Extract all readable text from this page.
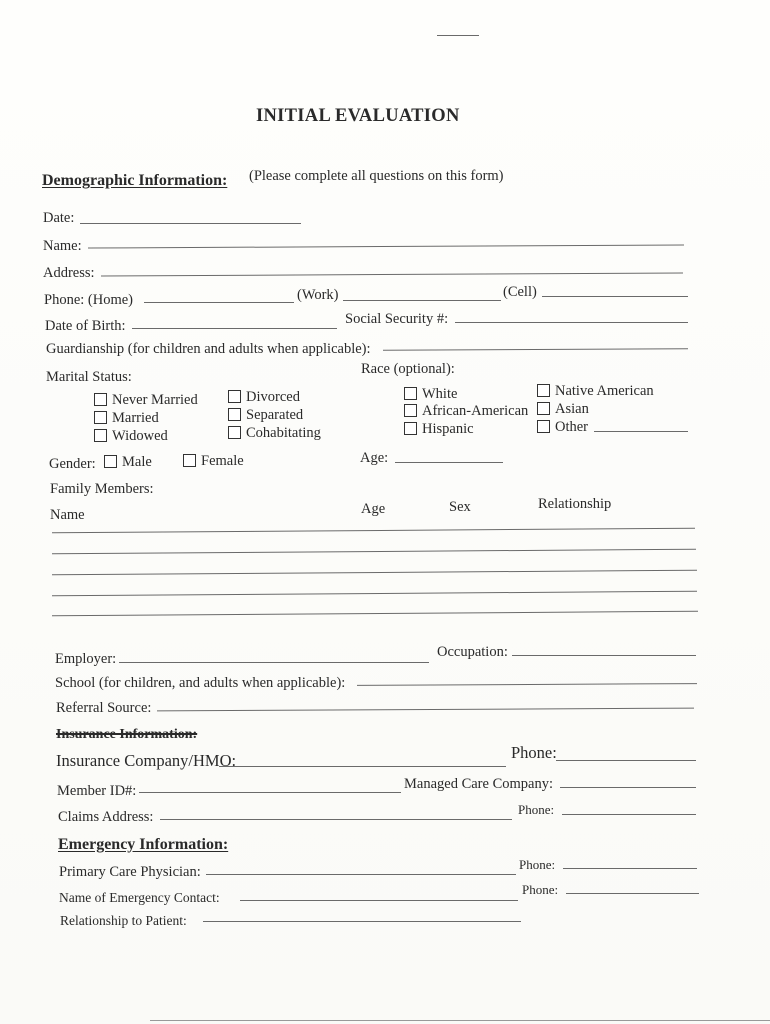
INITIAL EVALUATION
Demographic Information: (Please complete all questions on this form)
Date:
Name:
Address:
Phone: (Home)	(Work)	(Cell)
Date of Birth:	Social Security #:
Guardianship (for children and adults when applicable):
Marital Status:
Never Married
Married
Widowed
Divorced
Separated
Cohabitating
Race (optional):
White
African-American
Hispanic
Native American
Asian
Other
Gender:	Male	Female	Age:
Family Members:
Name	Age	Sex	Relationship
Employer:	Occupation:
School (for children, and adults when applicable):
Referral Source:
Insurance Information:
Insurance Company/HMO:	Phone:
Member ID#:	Managed Care Company:
Claims Address:	Phone:
Emergency Information:
Primary Care Physician:	Phone:
Name of Emergency Contact:
Phone:
Relationship to Patient:
